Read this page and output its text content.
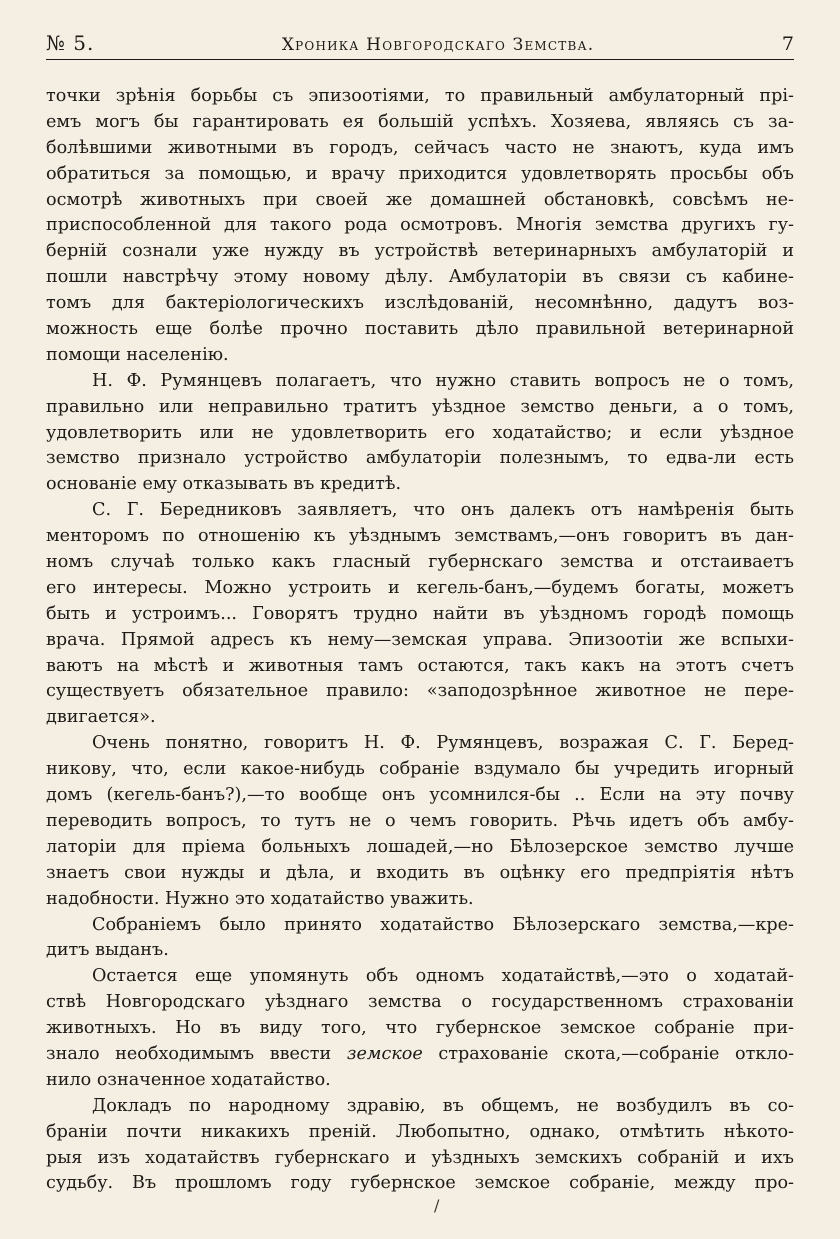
№ 5.	Хроника Новгородскаго Земства.	7
точки зрѣнія борьбы съ эпизоотіями, то правильный амбулаторный прі-
емъ могъ бы гарантировать ея большій успѣхъ. Хозяева, являясь съ за-
болѣвшими животными въ городъ, сейчасъ часто не знаютъ, куда имъ
обратиться за помощью, и врачу приходится удовлетворять просьбы объ
осмотрѣ животныхъ при своей же домашней обстановкѣ, совсѣмъ не-
приспособленной для такого рода осмотровъ. Многія земства другихъ гу-
берній сознали уже нужду въ устройствѣ ветеринарныхъ амбулаторій и
пошли навстрѣчу этому новому дѣлу. Амбулаторіи въ связи съ кабине-
томъ для бактеріологическихъ изслѣдованій, несомнѣнно, дадутъ воз-
можность еще болѣе прочно поставить дѣло правильной ветеринарной
помощи населенію.
Н. Ф. Румянцевъ полагаетъ, что нужно ставить вопросъ не о томъ,
правильно или неправильно тратитъ уѣздное земство деньги, а о томъ,
удовлетворить или не удовлетворить его ходатайство; и если уѣздное
земство признало устройство амбулаторіи полезнымъ, то едва-ли есть
основаніе ему отказывать въ кредитѣ.
С. Г. Бередниковъ заявляетъ, что онъ далекъ отъ намѣренія быть
менторомъ по отношенію къ уѣзднымъ земствамъ,—онъ говоритъ въ дан-
номъ случаѣ только какъ гласный губернскаго земства и отстаиваетъ
его интересы. Можно устроить и кегель-банъ,—будемъ богаты, можетъ
быть и устроимъ... Говорятъ трудно найти въ уѣздномъ городѣ помощь
врача. Прямой адресъ къ нему—земская управа. Эпизоотіи же вспыхи-
ваютъ на мѣстѣ и животныя тамъ остаются, такъ какъ на этотъ счетъ
существуетъ обязательное правило: «заподозрѣнное животное не пере-
двигается».
Очень понятно, говоритъ Н. Ф. Румянцевъ, возражая С. Г. Беред-
никову, что, если какое-нибудь собраніе вздумало бы учредить игорный
домъ (кегель-банъ?),—то вообще онъ усомнился-бы .. Если на эту почву
переводить вопросъ, то тутъ не о чемъ говорить. Рѣчь идетъ объ амбу-
латоріи для пріема больныхъ лошадей,—но Бѣлозерское земство лучше
знаетъ свои нужды и дѣла, и входить въ оцѣнку его предпріятія нѣтъ
надобности. Нужно это ходатайство уважить.
Собраніемъ было принято ходатайство Бѣлозерскаго земства,—кре-
дитъ выданъ.
Остается еще упомянуть объ одномъ ходатайствѣ,—это о ходатай-
ствѣ Новгородскаго уѣзднаго земства о государственномъ страхованіи
животныхъ. Но въ виду того, что губернское земское собраніе при-
знало необходимымъ ввести земское страхованіе скота,—собраніе откло-
нило означенное ходатайство.
Докладъ по народному здравію, въ общемъ, не возбудилъ въ со-
браніи почти никакихъ преній. Любопытно, однако, отмѣтить нѣкото-
рыя изъ ходатайствъ губернскаго и уѣздныхъ земскихъ собраній и ихъ
судьбу. Въ прошломъ году губернское земское собраніе, между про-
/
